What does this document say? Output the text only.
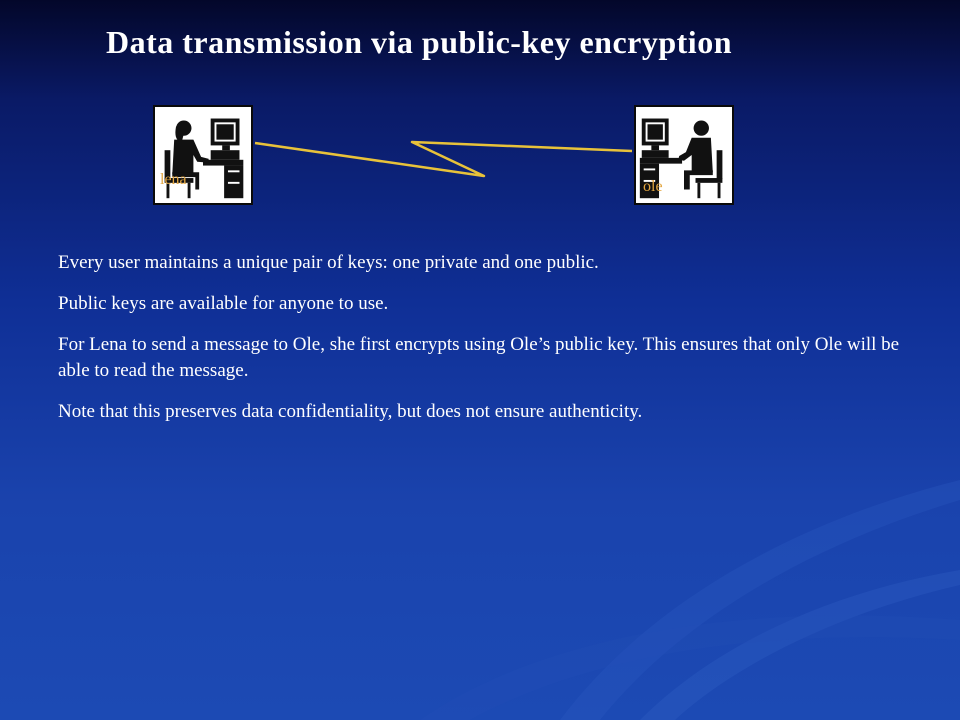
Data transmission via public-key encryption
lena	ole

Every user maintains a unique pair of keys: one private and one public.

Public keys are available for anyone to use.

For Lena to send a message to Ole, she first encrypts using Ole’s public key. This ensures that only Ole will be able to read the message.

Note that this preserves data confidentiality, but does not ensure authenticity.
